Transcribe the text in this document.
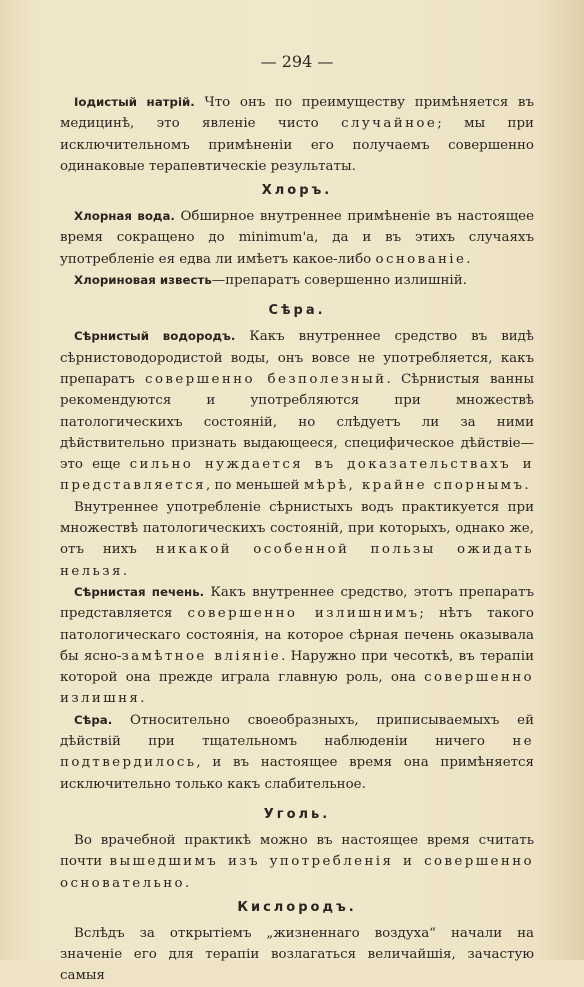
— 294 —

Іодистый натрій. Что онъ по преимуществу примѣняется въ медицинѣ, это явленіе чисто случайное; мы при исключительномъ примѣненіи его получаемъ совершенно одинаковые терапевтическіе результаты.

Хлоръ.

Хлорная вода. Обширное внутреннее примѣненіе въ настоящее время сокращено до minimum'a, да и въ этихъ случаяхъ употребленіе ея едва ли имѣетъ какое-либо основаніе.

Хлориновая известь—препаратъ совершенно излишній.

Сѣра.

Сѣрнистый водородъ. Какъ внутреннее средство въ видѣ сѣрнистоводородистой воды, онъ вовсе не употребляется, какъ препаратъ совершенно безполезный. Сѣрнистыя ванны рекомендуются и употребляются при множествѣ патологическихъ состояній, но слѣдуетъ ли за ними дѣйствительно признать выдающееся, специфическое дѣйствіе—это еще сильно нуждается въ доказательствахъ и представляется, по меньшей мѣрѣ, крайне спорнымъ.

Внутреннее употребленіе сѣрнистыхъ водъ практикуется при множествѣ патологическихъ состояній, при которыхъ, однако же, отъ нихъ никакой особенной пользы ожидать нельзя.

Сѣрнистая печень. Какъ внутреннее средство, этотъ препаратъ представляется совершенно излишнимъ; нѣтъ такого патологическаго состоянія, на которое сѣрная печень оказывала бы ясно-замѣтное вліяніе. Наружно при чесоткѣ, въ терапіи которой она прежде играла главную роль, она совершенно излишня.

Сѣра. Относительно своеобразныхъ, приписываемыхъ ей дѣйствій при тщательномъ наблюденіи ничего не подтвердилось, и въ настоящее время она примѣняется исключительно только какъ слабительное.

Уголь.

Во врачебной практикѣ можно въ настоящее время считать почти вышедшимъ изъ употребленія и совершенно основательно.

Кислородъ.

Вслѣдъ за открытіемъ „жизненнаго воздуха“ начали на значеніе его для терапіи возлагаться величайшія, зачастую самыя
